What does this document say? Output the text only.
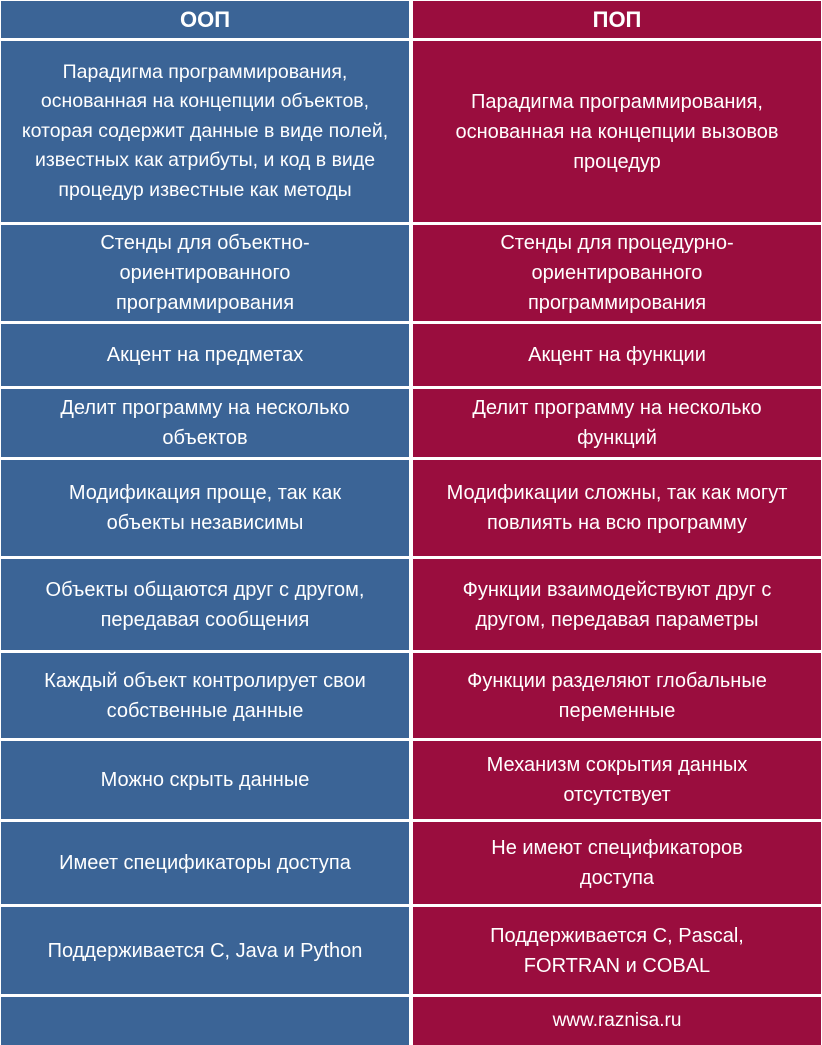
ООП	ПОП
Парадигма программирования, основанная на концепции объектов, которая содержит данные в виде полей, известных как атрибуты, и код в виде процедур известные как методы
Парадигма программирования, основанная на концепции вызовов процедур
Стенды для объектно-ориентированного программирования
Стенды для процедурно-ориентированного программирования
Акцент на предметах	Акцент на функции
Делит программу на несколько объектов
Делит программу на несколько функций
Модификация проще, так как объекты независимы
Модификации сложны, так как могут повлиять на всю программу
Объекты общаются друг с другом, передавая сообщения
Функции взаимодействуют друг с другом, передавая параметры
Каждый объект контролирует свои собственные данные
Функции разделяют глобальные переменные
Можно скрыть данные
Механизм сокрытия данных отсутствует
Имеет спецификаторы доступа
Не имеют спецификаторов доступа
Поддерживается C, Java и Python
Поддерживается C, Pascal, FORTRAN и COBAL
www.raznisa.ru
